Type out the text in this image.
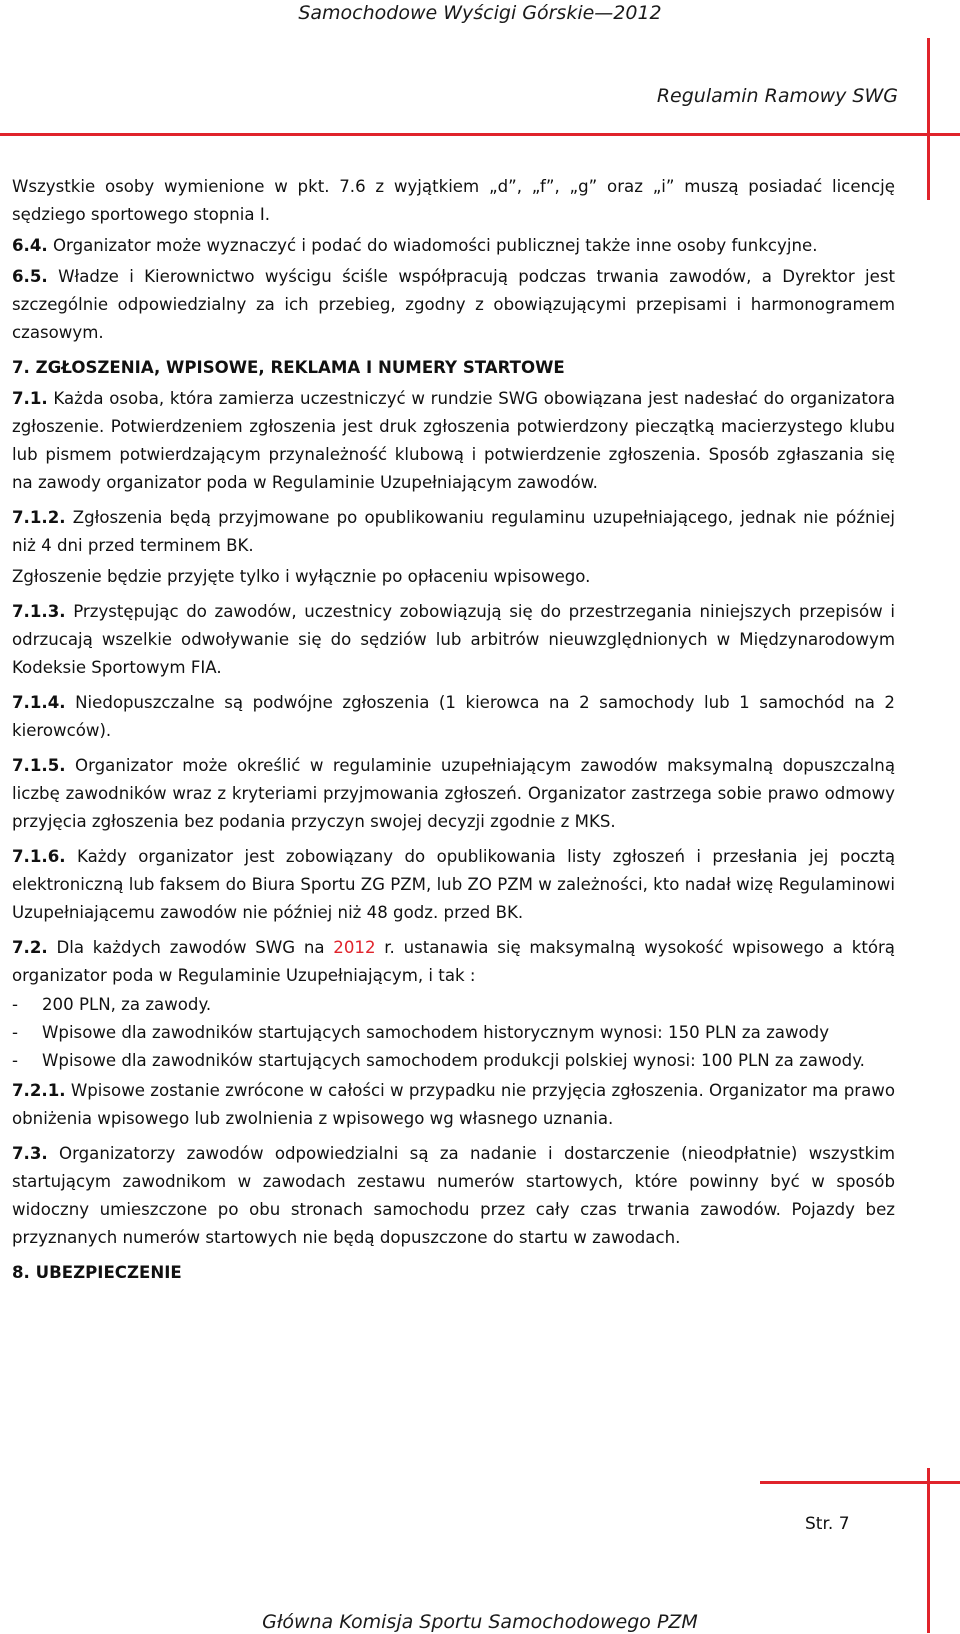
Samochodowe Wyścigi Górskie—2012
Regulamin Ramowy SWG

Wszystkie osoby wymienione w pkt. 7.6 z wyjątkiem „d”, „f”, „g” oraz „i” muszą posiadać licencję sędziego sportowego stopnia I.

6.4. Organizator może wyznaczyć i podać do wiadomości publicznej także inne osoby funkcyjne.

6.5. Władze i Kierownictwo wyścigu ściśle współpracują podczas trwania zawodów, a Dyrektor jest szczególnie odpowiedzialny za ich przebieg, zgodny z obowiązującymi przepisami i harmonogramem czasowym.

7. ZGŁOSZENIA, WPISOWE, REKLAMA I NUMERY STARTOWE

7.1. Każda osoba, która zamierza uczestniczyć w rundzie SWG obowiązana jest nadesłać do organizatora zgłoszenie. Potwierdzeniem zgłoszenia jest druk zgłoszenia potwierdzony pieczątką macierzystego klubu lub pismem potwierdzającym przynależność klubową i potwierdzenie zgłoszenia. Sposób zgłaszania się na zawody organizator poda w Regulaminie Uzupełniającym zawodów.

7.1.2. Zgłoszenia będą przyjmowane po opublikowaniu regulaminu uzupełniającego, jednak nie później niż 4 dni przed terminem BK.

Zgłoszenie będzie przyjęte tylko i wyłącznie po opłaceniu wpisowego.

7.1.3. Przystępując do zawodów, uczestnicy zobowiązują się do przestrzegania niniejszych przepisów i odrzucają wszelkie odwoływanie się do sędziów lub arbitrów nieuwzględnionych w Międzynarodowym Kodeksie Sportowym FIA.

7.1.4. Niedopuszczalne są podwójne zgłoszenia (1 kierowca na 2 samochody lub 1 samochód na 2 kierowców).

7.1.5. Organizator może określić w regulaminie uzupełniającym zawodów maksymalną dopuszczalną liczbę zawodników wraz z kryteriami przyjmowania zgłoszeń. Organizator zastrzega sobie prawo odmowy przyjęcia zgłoszenia bez podania przyczyn swojej decyzji zgodnie z MKS.

7.1.6. Każdy organizator jest zobowiązany do opublikowania listy zgłoszeń i przesłania jej pocztą elektroniczną lub faksem do Biura Sportu ZG PZM, lub ZO PZM w zależności, kto nadał wizę Regulaminowi Uzupełniającemu zawodów nie później niż 48 godz. przed BK.

7.2. Dla każdych zawodów SWG na 2012 r. ustanawia się maksymalną wysokość wpisowego a którą organizator poda w Regulaminie Uzupełniającym, i tak :

-	200 PLN, za zawody.
-	Wpisowe dla zawodników startujących samochodem historycznym wynosi: 150 PLN za zawody
-	Wpisowe dla zawodników startujących samochodem produkcji polskiej wynosi: 100 PLN za zawody.

7.2.1. Wpisowe zostanie zwrócone w całości w przypadku nie przyjęcia zgłoszenia. Organizator ma prawo obniżenia wpisowego lub zwolnienia z wpisowego wg własnego uznania.

7.3. Organizatorzy zawodów odpowiedzialni są za nadanie i dostarczenie (nieodpłatnie) wszystkim startującym zawodnikom w zawodach zestawu numerów startowych, które powinny być w sposób widoczny umieszczone po obu stronach samochodu przez cały czas trwania zawodów. Pojazdy bez przyznanych numerów startowych nie będą dopuszczone do startu w zawodach.

8. UBEZPIECZENIE

Str. 7
Główna Komisja Sportu Samochodowego PZM
